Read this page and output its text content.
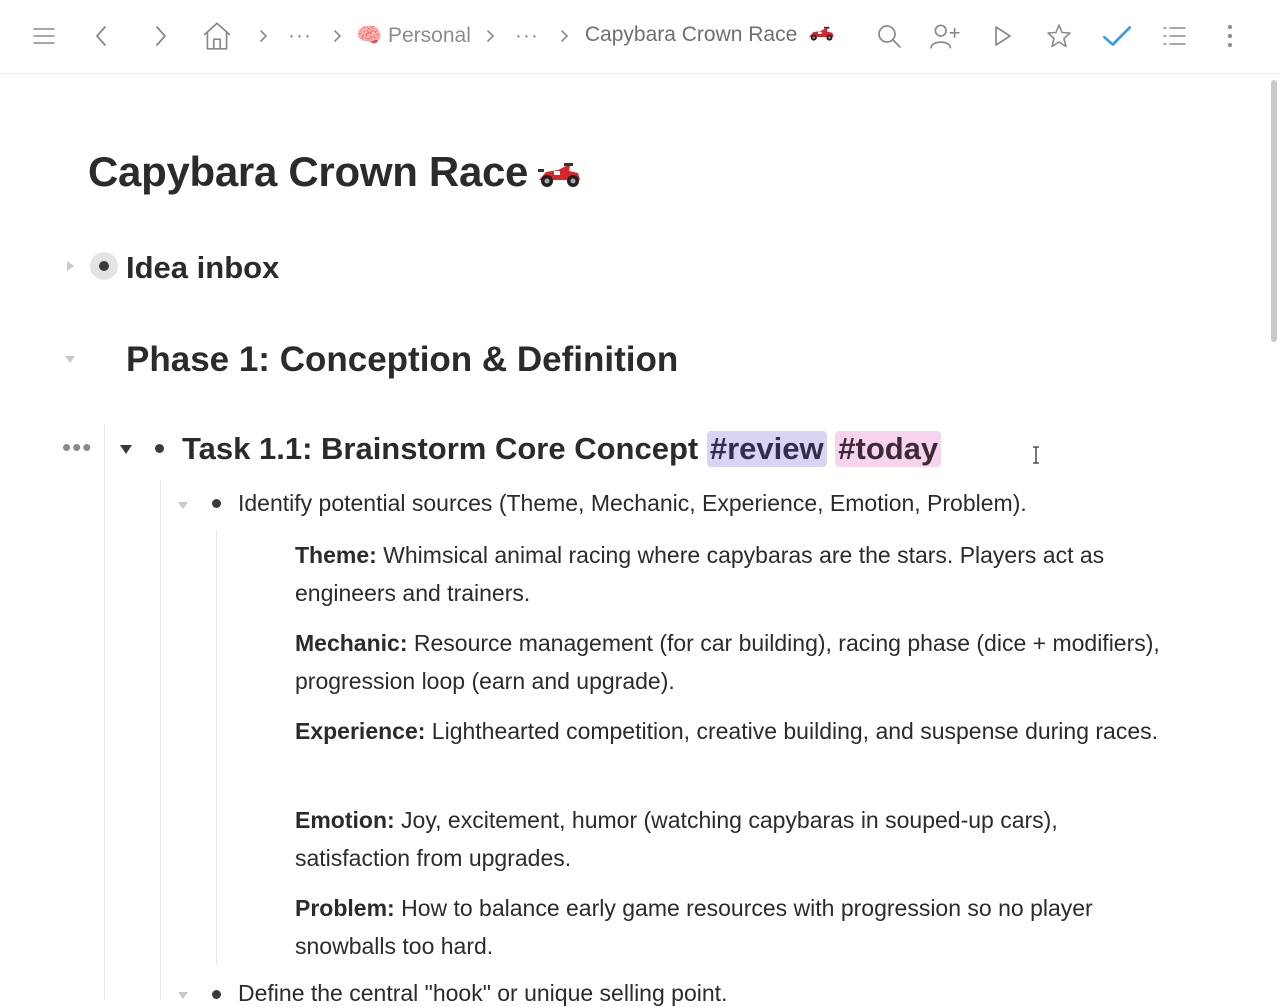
···	🧠 Personal	···	Capybara Crown Race
Capybara Crown Race
Idea inbox
Phase 1: Conception & Definition
•••	Task 1.1: Brainstorm Core Concept #review #today
Identify potential sources (Theme, Mechanic, Experience, Emotion, Problem).

Theme: Whimsical animal racing where capybaras are the stars. Players act as engineers and trainers.

Mechanic: Resource management (for car building), racing phase (dice + modifiers), progression loop (earn and upgrade).

Experience: Lighthearted competition, creative building, and suspense during races.

Emotion: Joy, excitement, humor (watching capybaras in souped-up cars), satisfaction from upgrades.

Problem: How to balance early game resources with progression so no player snowballs too hard.

Define the central "hook" or unique selling point.
